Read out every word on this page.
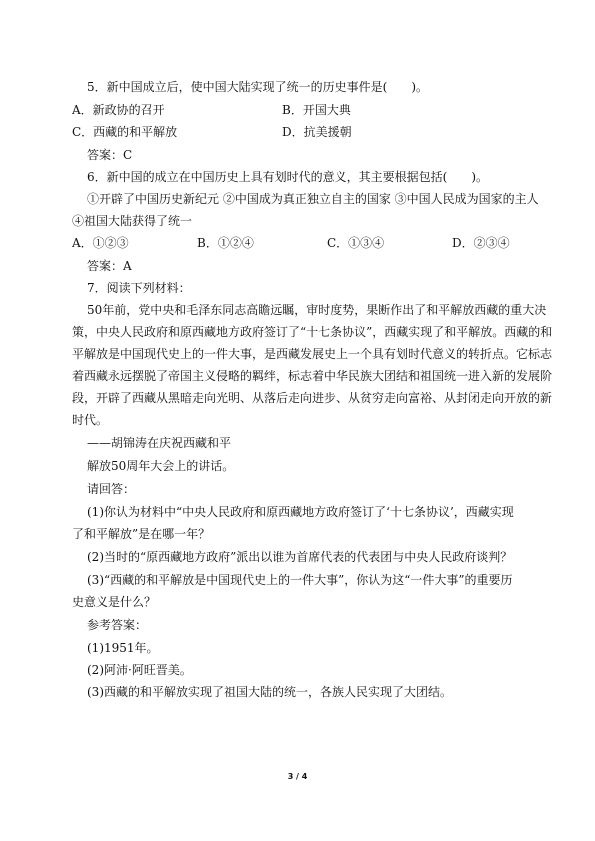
5．新中国成立后，使中国大陆实现了统一的历史事件是(　　)。
A．新政协的召开	B．开国大典
C．西藏的和平解放	D．抗美援朝
答案：C
6．新中国的成立在中国历史上具有划时代的意义，其主要根据包括(　　)。
①开辟了中国历史新纪元 ②中国成为真正独立自主的国家 ③中国人民成为国家的主人
④祖国大陆获得了统一
A．①②③	B．①②④	C．①③④	D．②③④
答案：A
7．阅读下列材料：
50年前，党中央和毛泽东同志高瞻远瞩，审时度势，果断作出了和平解放西藏的重大决
策，中央人民政府和原西藏地方政府签订了“十七条协议”，西藏实现了和平解放。西藏的和
平解放是中国现代史上的一件大事，是西藏发展史上一个具有划时代意义的转折点。它标志
着西藏永远摆脱了帝国主义侵略的羁绊，标志着中华民族大团结和祖国统一进入新的发展阶
段，开辟了西藏从黑暗走向光明、从落后走向进步、从贫穷走向富裕、从封闭走向开放的新
时代。
——胡锦涛在庆祝西藏和平
解放50周年大会上的讲话。
请回答：
(1)你认为材料中“中央人民政府和原西藏地方政府签订了‘十七条协议’，西藏实现
了和平解放”是在哪一年？
(2)当时的“原西藏地方政府”派出以谁为首席代表的代表团与中央人民政府谈判？
(3)“西藏的和平解放是中国现代史上的一件大事”，你认为这“一件大事”的重要历
史意义是什么？
参考答案：
(1)1951年。
(2)阿沛·阿旺晋美。
(3)西藏的和平解放实现了祖国大陆的统一，各族人民实现了大团结。
3 / 4
